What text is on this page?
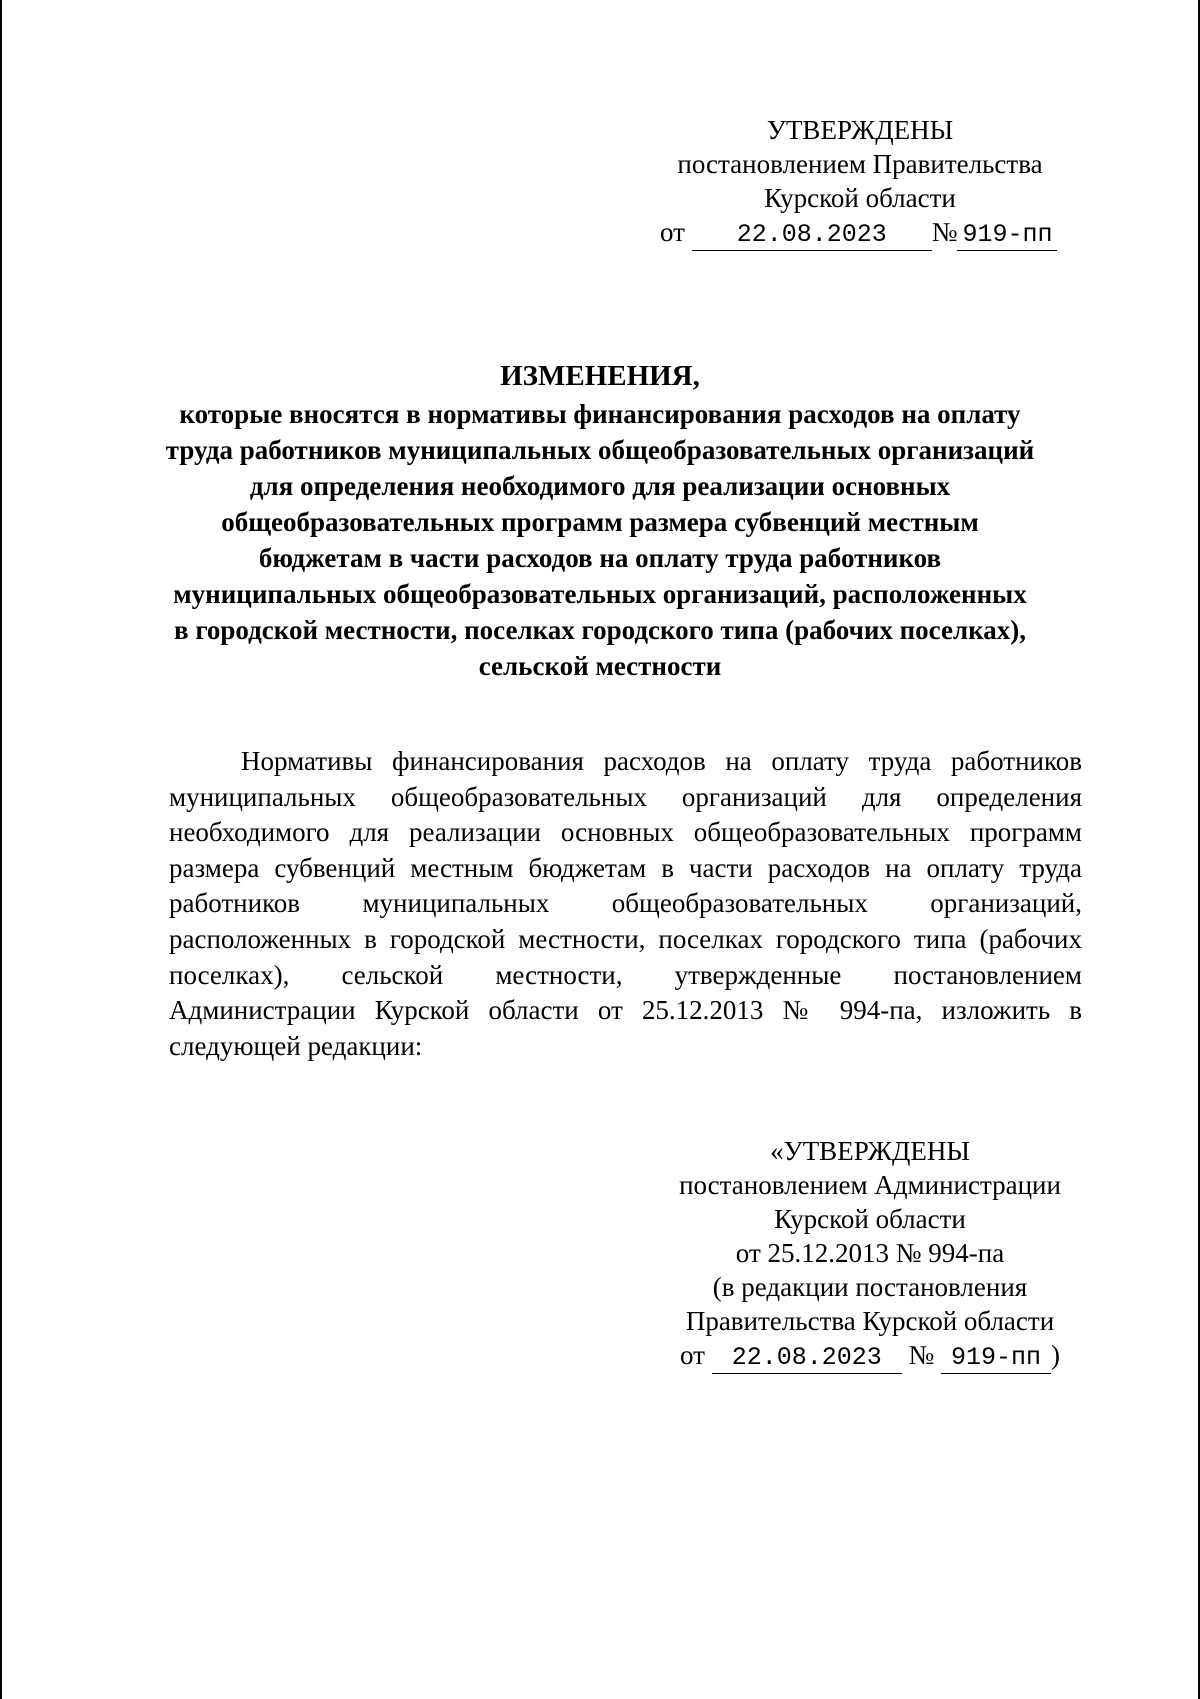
УТВЕРЖДЕНЫ
постановлением Правительства
Курской области
от 22.08.2023 № 919-пп
ИЗМЕНЕНИЯ,
которые вносятся в нормативы финансирования расходов на оплату
труда работников муниципальных общеобразовательных организаций
для определения необходимого для реализации основных
общеобразовательных программ размера субвенций местным
бюджетам в части расходов на оплату труда работников
муниципальных общеобразовательных организаций, расположенных
в городской местности, поселках городского типа (рабочих поселках),
сельской местности
Нормативы финансирования расходов на оплату труда работников муниципальных общеобразовательных организаций для определения необходимого для реализации основных общеобразовательных программ размера субвенций местным бюджетам в части расходов на оплату труда работников муниципальных общеобразовательных организаций, расположенных в городской местности, поселках городского типа (рабочих поселках), сельской местности, утвержденные постановлением Администрации Курской области от 25.12.2013 № 994-па, изложить в следующей редакции:
«УТВЕРЖДЕНЫ
постановлением Администрации
Курской области
от 25.12.2013 № 994-па
(в редакции постановления
Правительства Курской области
от 22.08.2023 № 919-пп )
